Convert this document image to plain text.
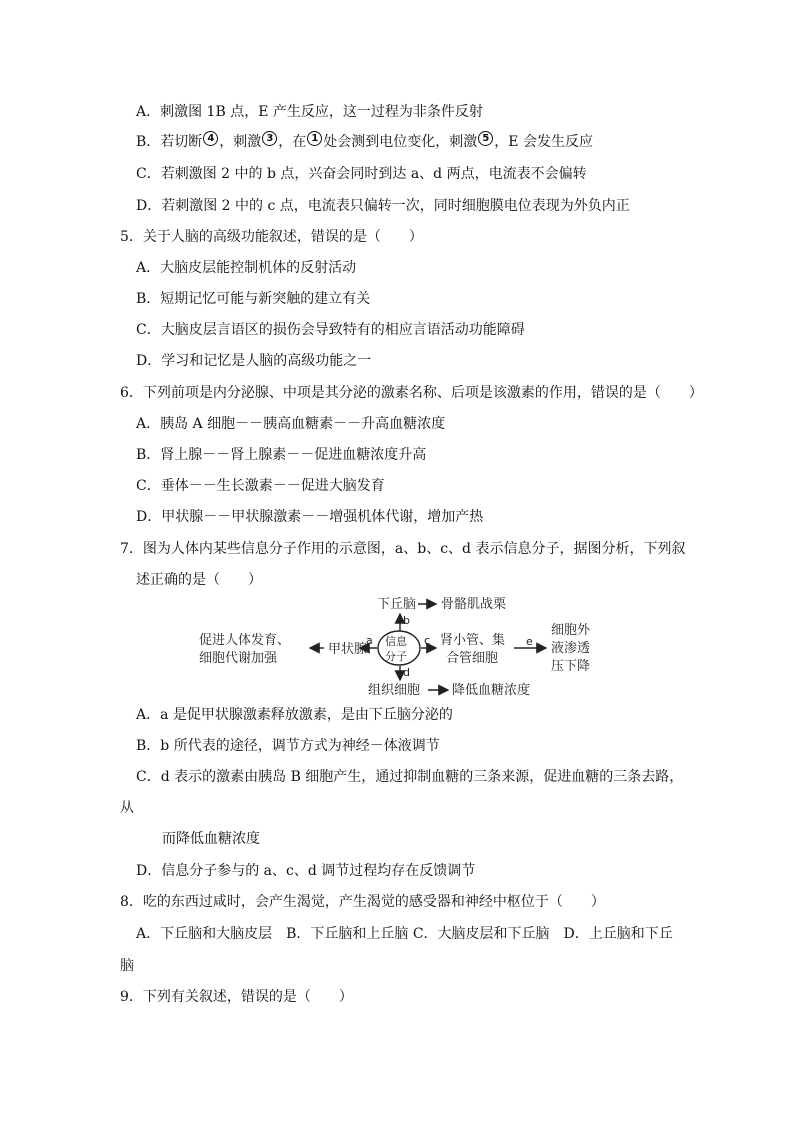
A．刺激图 1B 点，E 产生反应，这一过程为非条件反射
B．若切断 4 ，刺激 3 ，在 1 处会测到电位变化，刺激 5 ，E 会发生反应
C．若刺激图 2 中的 b 点，兴奋会同时到达 a、d 两点，电流表不会偏转
D．若刺激图 2 中的 c 点，电流表只偏转一次，同时细胞膜电位表现为外负内正
5．关于人脑的高级功能叙述，错误的是（　　）
A．大脑皮层能控制机体的反射活动
B．短期记忆可能与新突触的建立有关
C．大脑皮层言语区的损伤会导致特有的相应言语活动功能障碍
D．学习和记忆是人脑的高级功能之一
6．下列前项是内分泌腺、中项是其分泌的激素名称、后项是该激素的作用，错误的是（　　）
A．胰岛 A 细胞－－胰高血糖素－－升高血糖浓度
B．肾上腺－－肾上腺素－－促进血糖浓度升高
C．垂体－－生长激素－－促进大脑发育
D．甲状腺－－甲状腺激素－－增强机体代谢，增加产热
7．图为人体内某些信息分子作用的示意图，a、b、c、d 表示信息分子，据图分析，下列叙
述正确的是（　　）
下丘脑 骨骼肌战栗
b
信息
分子
促进人体发育、
细胞代谢加强
甲状腺
a	c 肾小管、集
合管细胞
e
细胞外
液渗透
压下降
d
组织细胞 降低血糖浓度
A．a 是促甲状腺激素释放激素，是由下丘脑分泌的
B．b 所代表的途径，调节方式为神经－体液调节
C．d 表示的激素由胰岛 B 细胞产生，通过抑制血糖的三条来源，促进血糖的三条去路，
从
而降低血糖浓度
D．信息分子参与的 a、c、d 调节过程均存在反馈调节
8．吃的东西过咸时，会产生渴觉，产生渴觉的感受器和神经中枢位于（　　）
A．下丘脑和大脑皮层　B．下丘脑和上丘脑 C．大脑皮层和下丘脑　D．上丘脑和下丘
脑
9．下列有关叙述，错误的是（　　）
